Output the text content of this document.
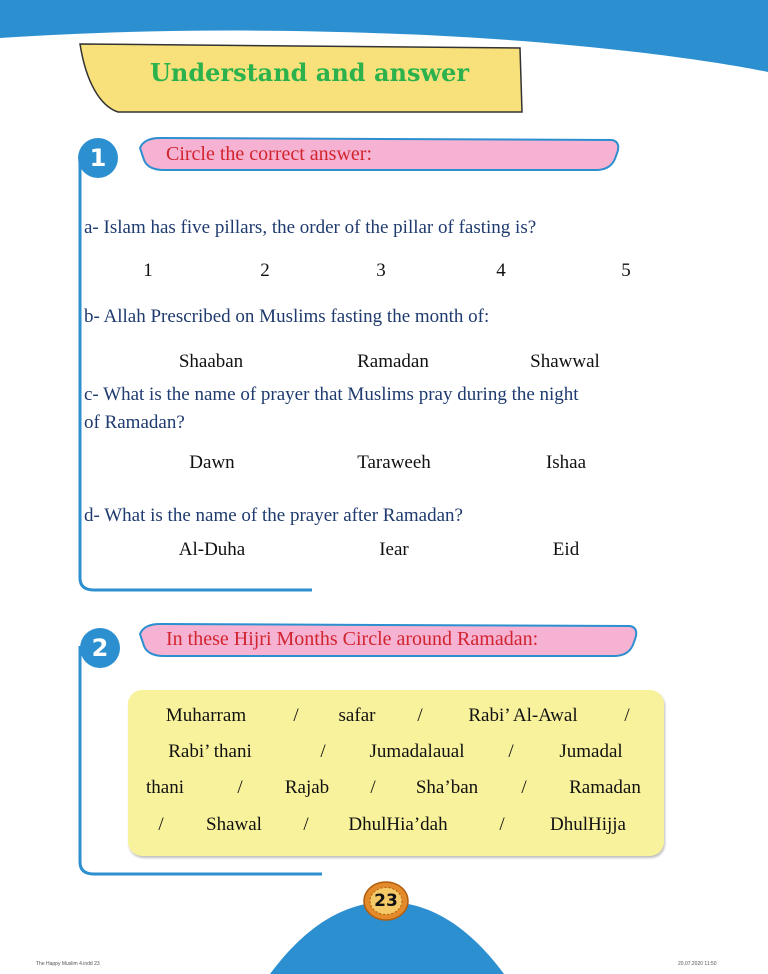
Understand and answer
1	Circle the correct answer:
a- Islam has five pillars, the order of the pillar of fasting is?
1	2	3	4	5
b- Allah Prescribed on Muslims fasting the month of:
Shaaban	Ramadan	Shawwal
c- What is the name of prayer that Muslims pray during the night
of Ramadan?
Dawn	Taraweeh	Ishaa
d- What is the name of the prayer after Ramadan?
Al-Duha	Iear	Eid
2	In these Hijri Months Circle around Ramadan:
Muharram / safar / Rabi’ Al-Awal /
Rabi’ thani	/ Jumadalaual / Jumadal
thani	/ Rajab / Sha’ban / Ramadan
/ Shawal / DhulHia’dah	/ DhulHijja
23
The Happy Muslim 4.indd 23	20.07.2020 11:50
